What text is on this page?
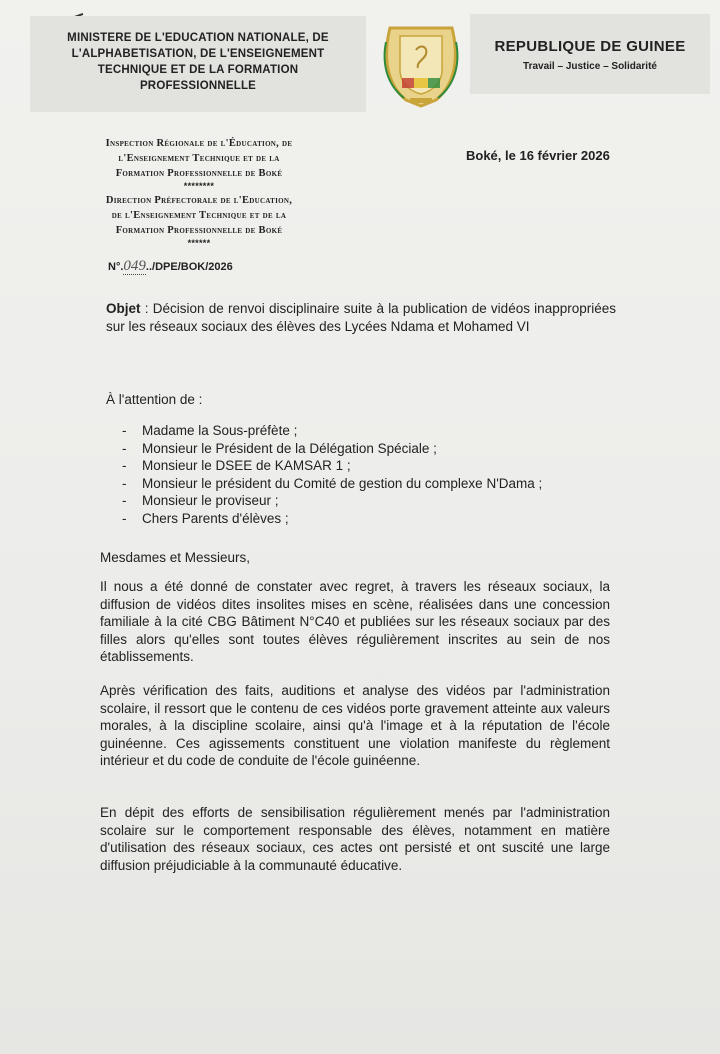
MINISTERE DE L'EDUCATION NATIONALE, DE
L'ALPHABETISATION, DE L'ENSEIGNEMENT
TECHNIQUE ET DE LA FORMATION
PROFESSIONNELLE
REPUBLIQUE DE GUINEE
Travail – Justice – Solidarité
Inspection Régionale de l'Éducation, de
l'Enseignement Technique et de la
Formation Professionnelle de Boké
********
Boké, le 16 février 2026
Direction Préfectorale de l'Education,
de l'Enseignement Technique et de la
Formation Professionnelle de Boké
******
N°.049../DPE/BOK/2026
Objet : Décision de renvoi disciplinaire suite à la publication de vidéos inappropriées sur les réseaux sociaux des élèves des Lycées Ndama et Mohamed VI
À l'attention de :
- Madame la Sous-préfète ;
- Monsieur le Président de la Délégation Spéciale ;
- Monsieur le DSEE de KAMSAR 1 ;
- Monsieur le président du Comité de gestion du complexe N'Dama ;
- Monsieur le proviseur ;
- Chers Parents d'élèves ;
Mesdames et Messieurs,
Il nous a été donné de constater avec regret, à travers les réseaux sociaux, la diffusion de vidéos dites insolites mises en scène, réalisées dans une concession familiale à la cité CBG Bâtiment N°C40 et publiées sur les réseaux sociaux par des filles alors qu'elles sont toutes élèves régulièrement inscrites au sein de nos établissements.
Après vérification des faits, auditions et analyse des vidéos par l'administration scolaire, il ressort que le contenu de ces vidéos porte gravement atteinte aux valeurs morales, à la discipline scolaire, ainsi qu'à l'image et à la réputation de l'école guinéenne. Ces agissements constituent une violation manifeste du règlement intérieur et du code de conduite de l'école guinéenne.
En dépit des efforts de sensibilisation régulièrement menés par l'administration scolaire sur le comportement responsable des élèves, notamment en matière d'utilisation des réseaux sociaux, ces actes ont persisté et ont suscité une large diffusion préjudiciable à la communauté éducative.
